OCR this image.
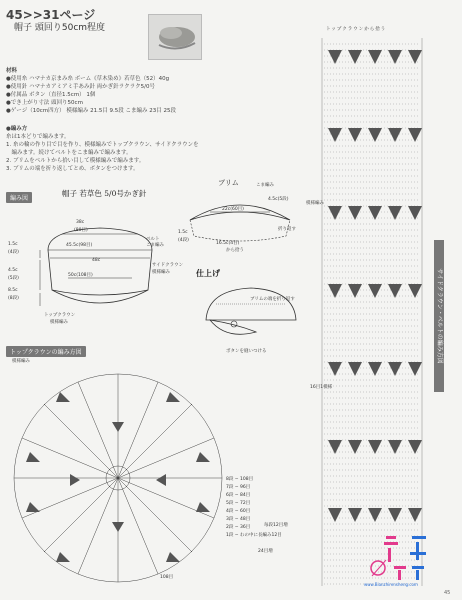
45>>31ページ
帽子 頭回り50cm程度
材料
●使用糸 ハマナカ京まみ糸 ボーム《草木染め》若草色（52）40g
●使用針 ハマナカアミアミ手あみ針 両かぎ針ラクラク5/0号
●付属品 ボタン（直径1.5cm） 1個
●でき上がり寸法 頭回り50cm
●ゲージ（10cm四方） 模様編み 21.5目 9.5段 こま編み 23目 25段
●編み方
糸は1本どりで編みます。
1. 糸の輪の作り目で目を作り、模様編みでトップクラウン、サイドクラウンを
　編みます。続けてベルトをこま編みで編みます。
2. ブリムをベルトから拾い目して模様編みで編みます。
3. ブリムの端を折り返してとめ、ボタンをつけます。
編み図
帽子 若草色 5/0号かぎ針
38c
(80目)
45.5c(98目)
50c(108目)
48c
1.5c
(4段)
4.5c
(5段)
8.5c
(8段)
ベルト
こま編み
サイドクラウン
模様編み
トップクラウン
模様編み
ブリム	こま編み
22c(60目)
4.5c(5段)
1.5c
(4段)
16.5c(4目)
から拾う
折り返す
仕上げ
ブリムの端を折り返す
ボタンを縫いつける
トップクラウンの編み方図
模様編み
108目
8段 − 108目
7段 − 96目
6段 − 84目
5段 − 72目
4段 − 60目
3段 − 48目
2段 − 36目
1段 − わの中に長編み12目
毎段12目増
24目増
トップクラウンから拾う
模様編み
16目1模様
サイドクラウン・ベルトの編み方図
www.Bianzhirensheng.com
45
